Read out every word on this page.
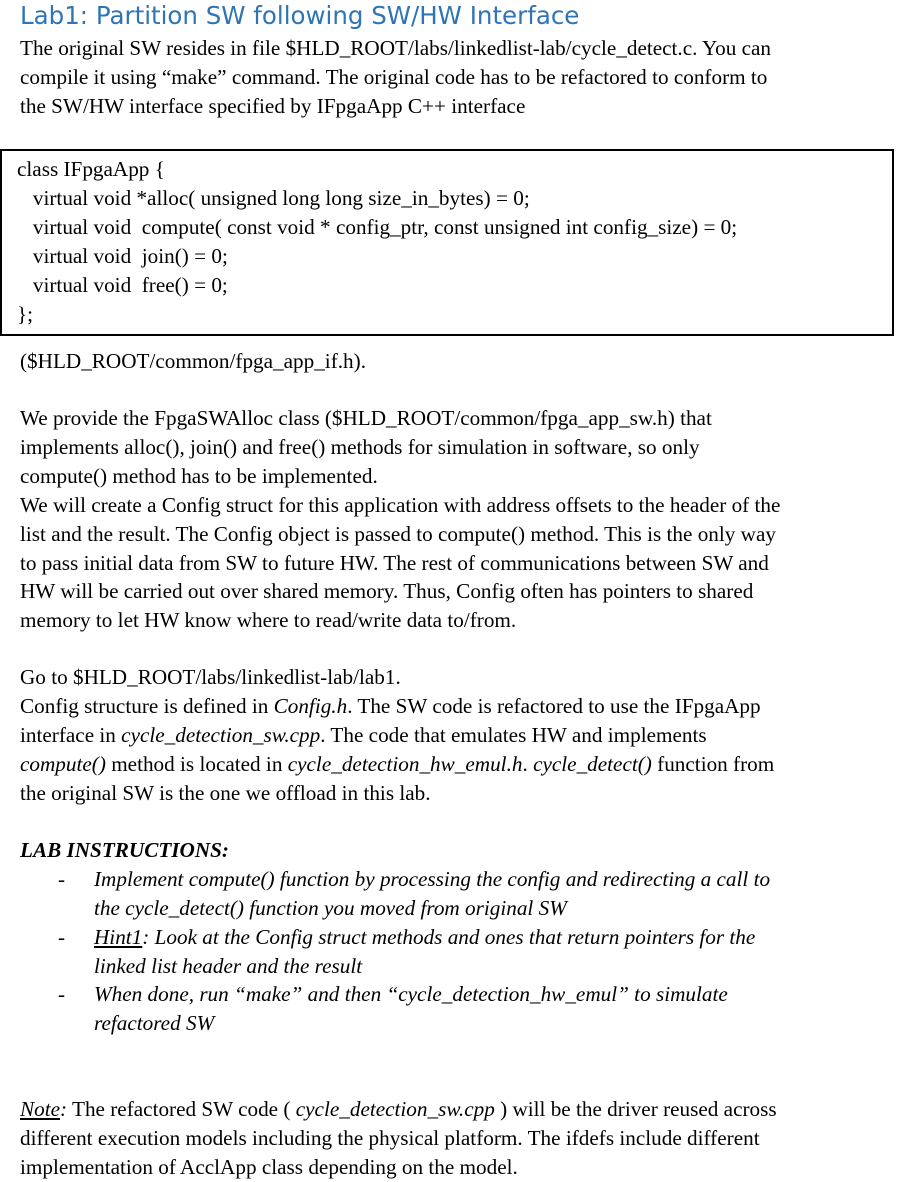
Lab1: Partition SW following SW/HW Interface

The original SW resides in file $HLD_ROOT/labs/linkedlist-lab/cycle_detect.c. You can

compile it using “make” command. The original code has to be refactored to conform to

the SW/HW interface specified by IFpgaApp C++ interface

class IFpgaApp {
virtual void *alloc( unsigned long long size_in_bytes) = 0;
virtual void  compute( const void * config_ptr, const unsigned int config_size) = 0;
virtual void  join() = 0;
virtual void  free() = 0;
};

($HLD_ROOT/common/fpga_app_if.h).

We provide the FpgaSWAlloc class ($HLD_ROOT/common/fpga_app_sw.h) that

implements alloc(), join() and free() methods for simulation in software, so only

compute() method has to be implemented.

We will create a Config struct for this application with address offsets to the header of the

list and the result. The Config object is passed to compute() method. This is the only way

to pass initial data from SW to future HW. The rest of communications between SW and

HW will be carried out over shared memory. Thus, Config often has pointers to shared

memory to let HW know where to read/write data to/from.

Go to $HLD_ROOT/labs/linkedlist-lab/lab1.

Config structure is defined in Config.h. The SW code is refactored to use the IFpgaApp

interface in cycle_detection_sw.cpp. The code that emulates HW and implements

compute() method is located in cycle_detection_hw_emul.h. cycle_detect() function from

the original SW is the one we offload in this lab.

LAB INSTRUCTIONS:

- Implement compute() function by processing the config and redirecting a call to
the cycle_detect() function you moved from original SW
- Hint1: Look at the Config struct methods and ones that return pointers for the
linked list header and the result
- When done, run “make” and then “cycle_detection_hw_emul” to simulate
refactored SW

Note: The refactored SW code ( cycle_detection_sw.cpp ) will be the driver reused across

different execution models including the physical platform. The ifdefs include different

implementation of AcclApp class depending on the model.
